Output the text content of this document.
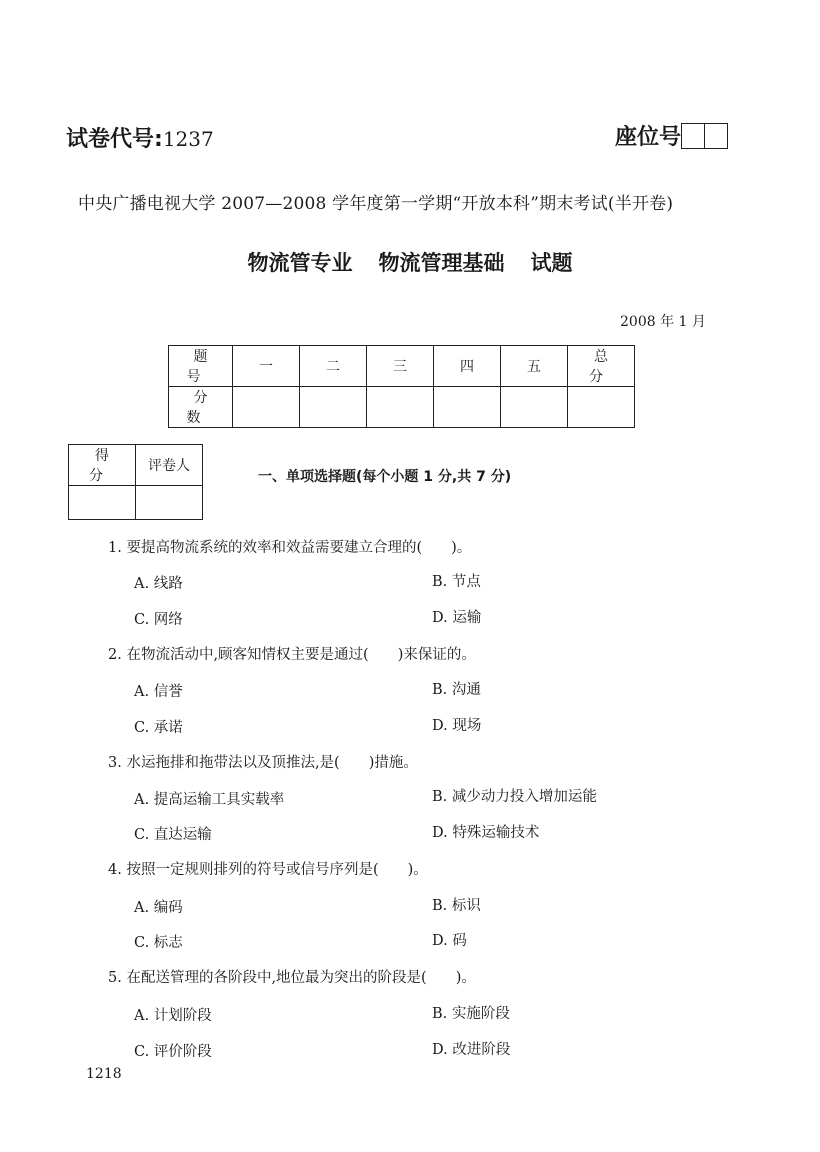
试卷代号:1237	座位号
中央广播电视大学 2007—2008 学年度第一学期“开放本科”期末考试(半开卷)
物流管专业 物流管理基础 试题
2008 年 1 月
题 号	一	二	三	四	五	总 分
分 数						
得 分	评卷人

一、单项选择题(每个小题 1 分,共 7 分)
1. 要提高物流系统的效率和效益需要建立合理的(　　)。
A. 线路	B. 节点
C. 网络	D. 运输
2. 在物流活动中,顾客知情权主要是通过(　　)来保证的。
A. 信誉	B. 沟通
C. 承诺	D. 现场
3. 水运拖排和拖带法以及顶推法,是(　　)措施。
A. 提高运输工具实载率	B. 减少动力投入增加运能
C. 直达运输	D. 特殊运输技术
4. 按照一定规则排列的符号或信号序列是(　　)。
A. 编码	B. 标识
C. 标志	D. 码
5. 在配送管理的各阶段中,地位最为突出的阶段是(　　)。
A. 计划阶段	B. 实施阶段
C. 评价阶段	D. 改进阶段
1218
